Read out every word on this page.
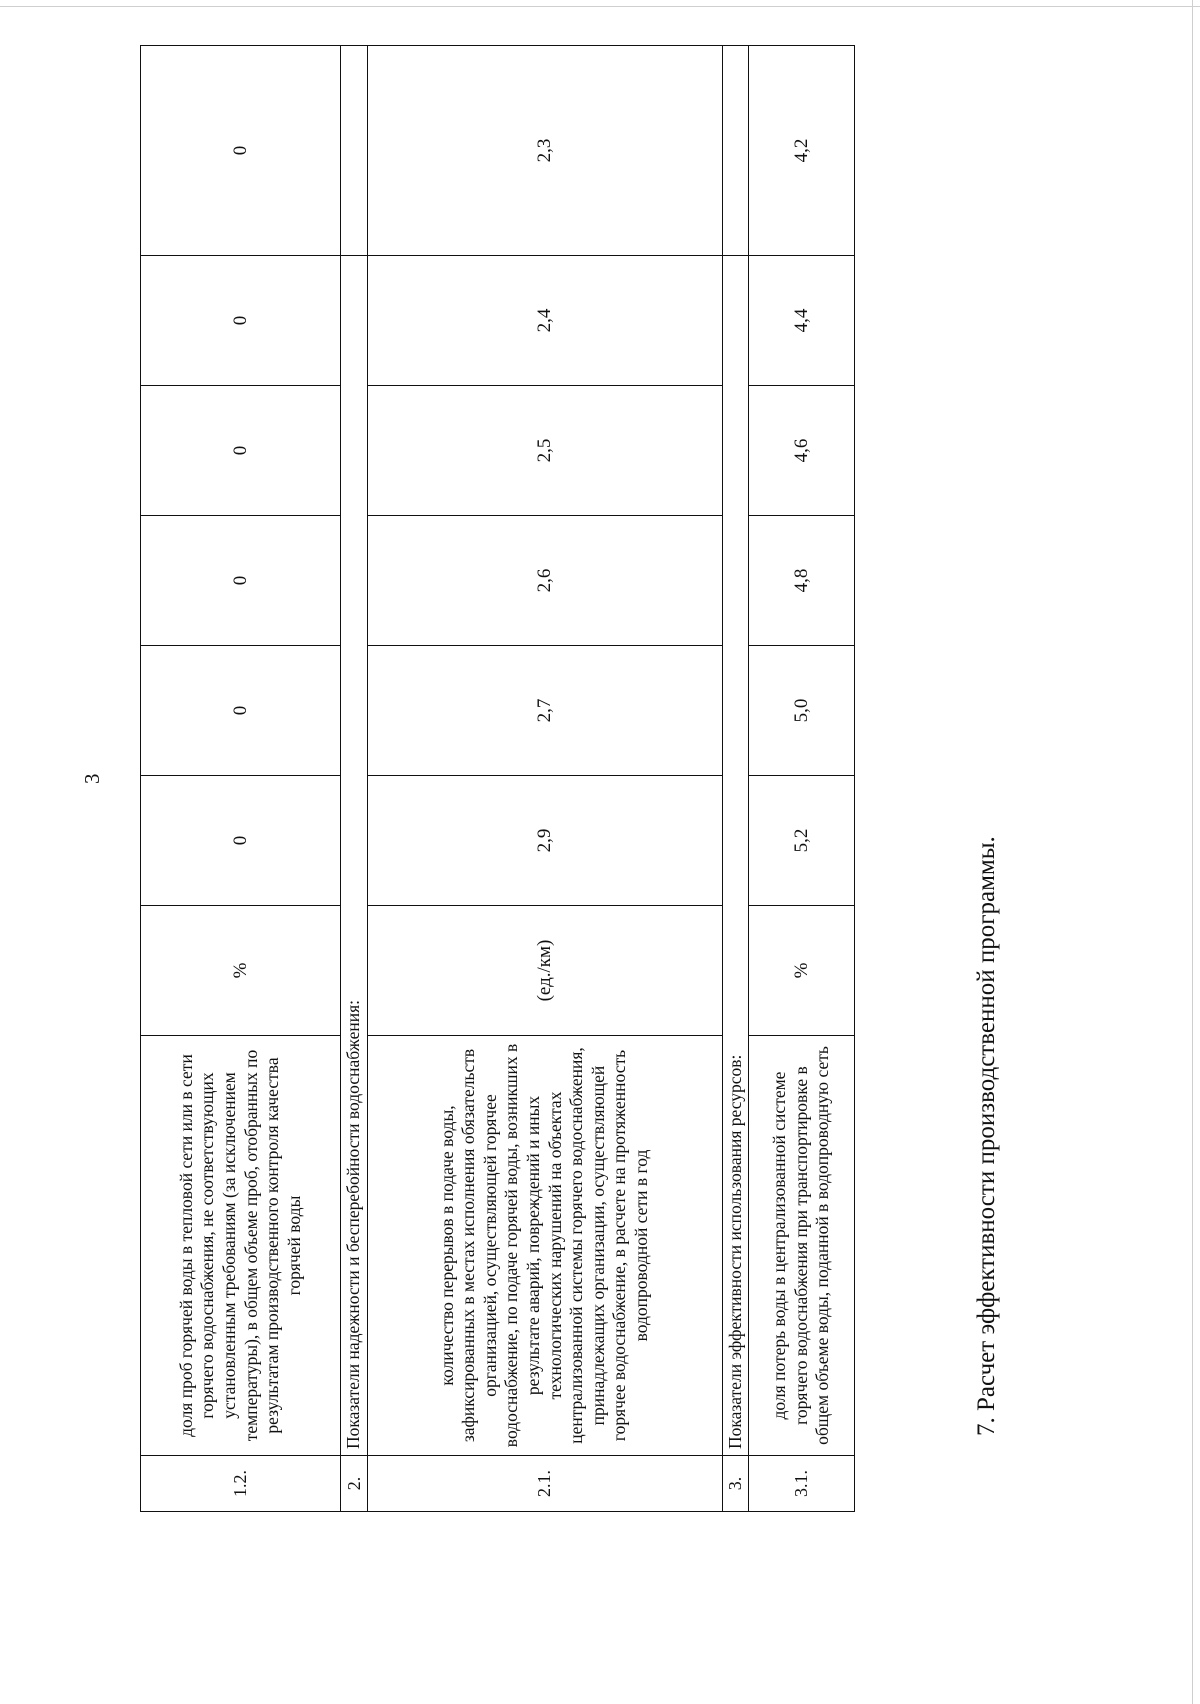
3
1.2.	доля проб горячей воды в тепловой сети или в сети горячего водоснабжения, не соответствующих установленным требованиям (за исключением температуры), в общем объеме проб, отобранных по результатам производственного контроля качества горячей воды	%	0	0	0	0	0	0
2.	Показатели надежности и бесперебойности водоснабжения:							
2.1.	количество перерывов в подаче воды, зафиксированных в местах исполнения обязательств организацией, осуществляющей горячее водоснабжение, по подаче горячей воды, возникших в результате аварий, повреждений и иных технологических нарушений на объектах централизованной системы горячего водоснабжения, принадлежащих организации, осуществляющей горячее водоснабжение, в расчете на протяженность водопроводной сети в год	(ед./км)	2,9	2,7	2,6	2,5	2,4	2,3
3.	Показатели эффективности использования ресурсов:							
3.1.	доля потерь воды в централизованной системе горячего водоснабжения при транспортировке в общем объеме воды, поданной в водопроводную сеть	%	5,2	5,0	4,8	4,6	4,4	4,2
7. Расчет эффективности производственной программы.
